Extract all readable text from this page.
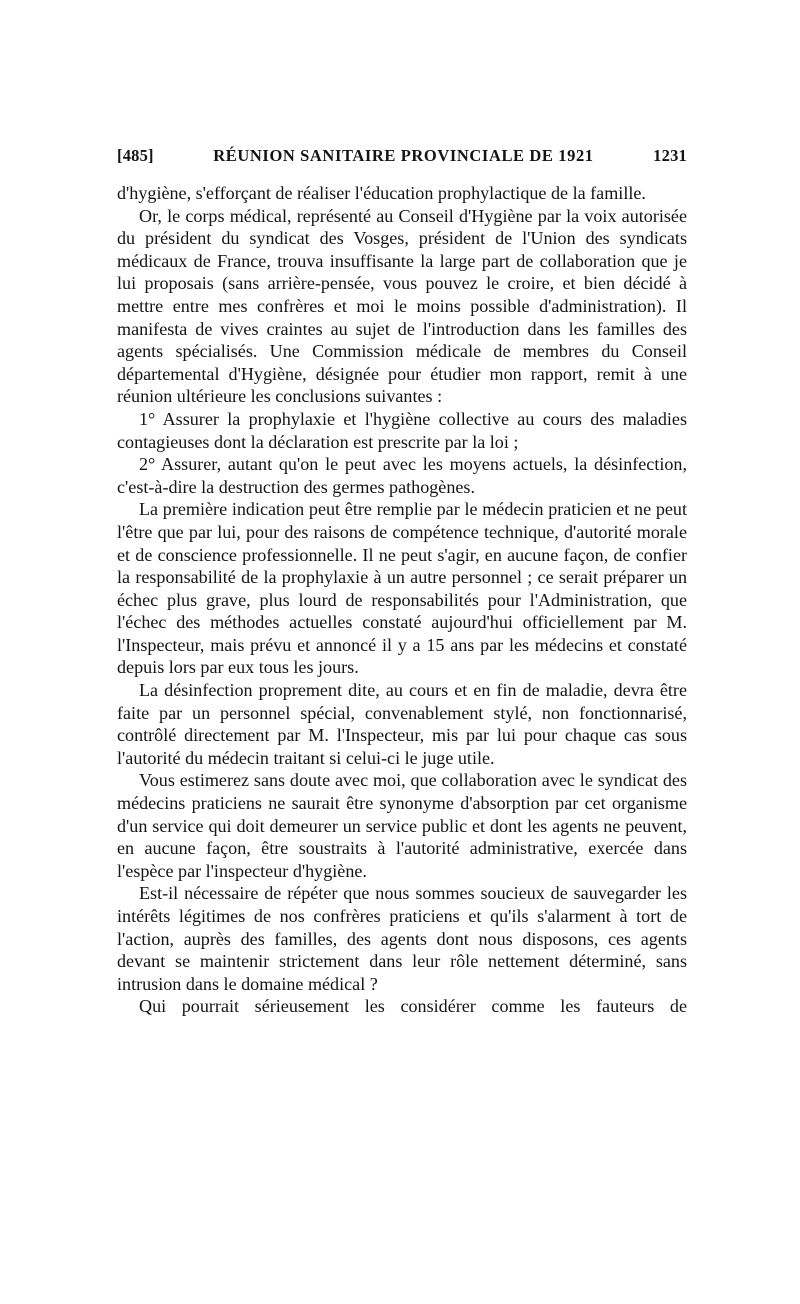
[485]	RÉUNION SANITAIRE PROVINCIALE DE 1921	1231

d'hygiène, s'efforçant de réaliser l'éducation prophylactique de la famille.

Or, le corps médical, représenté au Conseil d'Hygiène par la voix autorisée du président du syndicat des Vosges, président de l'Union des syndicats médicaux de France, trouva insuffisante la large part de collaboration que je lui proposais (sans arrière-pensée, vous pouvez le croire, et bien décidé à mettre entre mes confrères et moi le moins possible d'administration). Il manifesta de vives craintes au sujet de l'introduction dans les familles des agents spécialisés. Une Commission médicale de membres du Conseil départemental d'Hygiène, désignée pour étudier mon rapport, remit à une réunion ultérieure les conclusions suivantes :

1° Assurer la prophylaxie et l'hygiène collective au cours des maladies contagieuses dont la déclaration est prescrite par la loi ;

2° Assurer, autant qu'on le peut avec les moyens actuels, la désinfection, c'est-à-dire la destruction des germes pathogènes.

La première indication peut être remplie par le médecin praticien et ne peut l'être que par lui, pour des raisons de compétence technique, d'autorité morale et de conscience professionnelle. Il ne peut s'agir, en aucune façon, de confier la responsabilité de la prophylaxie à un autre personnel ; ce serait préparer un échec plus grave, plus lourd de responsabilités pour l'Administration, que l'échec des méthodes actuelles constaté aujourd'hui officiellement par M. l'Inspecteur, mais prévu et annoncé il y a 15 ans par les médecins et constaté depuis lors par eux tous les jours.

La désinfection proprement dite, au cours et en fin de maladie, devra être faite par un personnel spécial, convenablement stylé, non fonctionnarisé, contrôlé directement par M. l'Inspecteur, mis par lui pour chaque cas sous l'autorité du médecin traitant si celui-ci le juge utile.

Vous estimerez sans doute avec moi, que collaboration avec le syndicat des médecins praticiens ne saurait être synonyme d'absorption par cet organisme d'un service qui doit demeurer un service public et dont les agents ne peuvent, en aucune façon, être soustraits à l'autorité administrative, exercée dans l'espèce par l'inspecteur d'hygiène.

Est-il nécessaire de répéter que nous sommes soucieux de sauvegarder les intérêts légitimes de nos confrères praticiens et qu'ils s'alarment à tort de l'action, auprès des familles, des agents dont nous disposons, ces agents devant se maintenir strictement dans leur rôle nettement déterminé, sans intrusion dans le domaine médical ?

Qui pourrait sérieusement les considérer comme les fauteurs de
